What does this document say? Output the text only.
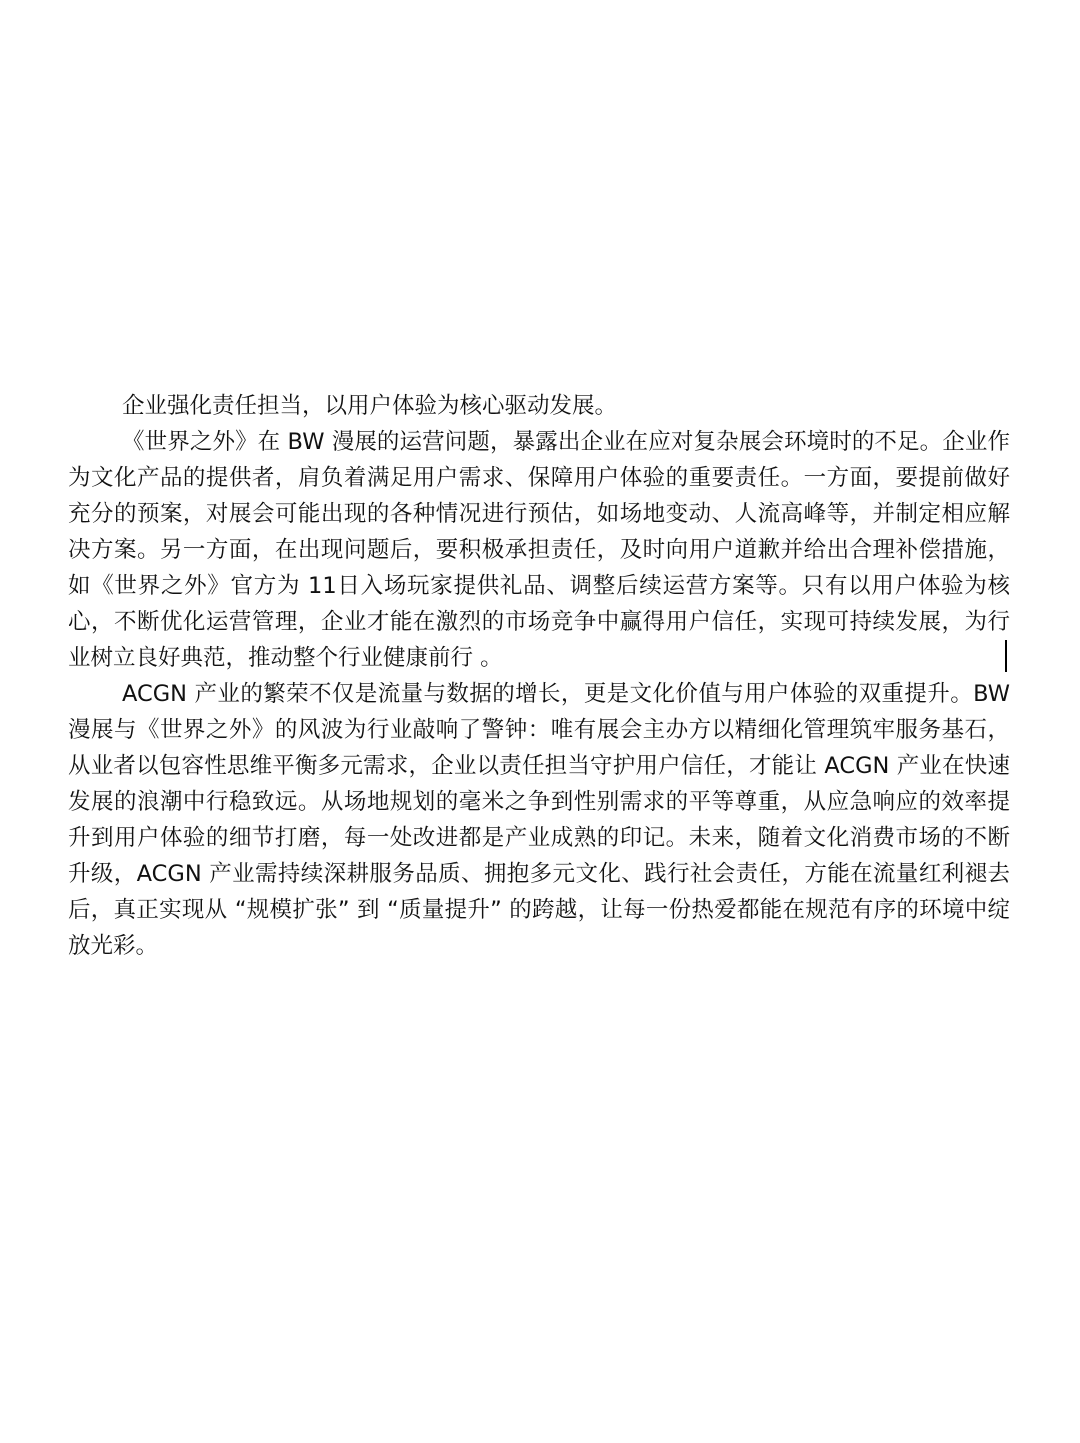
企业强化责任担当，以用户体验为核心驱动发展。

《世界之外》在 BW 漫展的运营问题，暴露出企业在应对复杂展会环境时的不足。企业作为文化产品的提供者，肩负着满足用户需求、保障用户体验的重要责任。一方面，要提前做好充分的预案，对展会可能出现的各种情况进行预估，如场地变动、人流高峰等，并制定相应解决方案。另一方面，在出现问题后，要积极承担责任，及时向用户道歉并给出合理补偿措施，如《世界之外》官方为 11日入场玩家提供礼品、调整后续运营方案等。只有以用户体验为核心，不断优化运营管理，企业才能在激烈的市场竞争中赢得用户信任，实现可持续发展，为行业树立良好典范，推动整个行业健康前行 。

ACGN 产业的繁荣不仅是流量与数据的增长，更是文化价值与用户体验的双重提升。BW 漫展与《世界之外》的风波为行业敲响了警钟：唯有展会主办方以精细化管理筑牢服务基石，从业者以包容性思维平衡多元需求，企业以责任担当守护用户信任，才能让 ACGN 产业在快速发展的浪潮中行稳致远。从场地规划的毫米之争到性别需求的平等尊重，从应急响应的效率提升到用户体验的细节打磨，每一处改进都是产业成熟的印记。未来，随着文化消费市场的不断升级，ACGN 产业需持续深耕服务品质、拥抱多元文化、践行社会责任，方能在流量红利褪去后，真正实现从 “规模扩张” 到 “质量提升” 的跨越，让每一份热爱都能在规范有序的环境中绽放光彩。
